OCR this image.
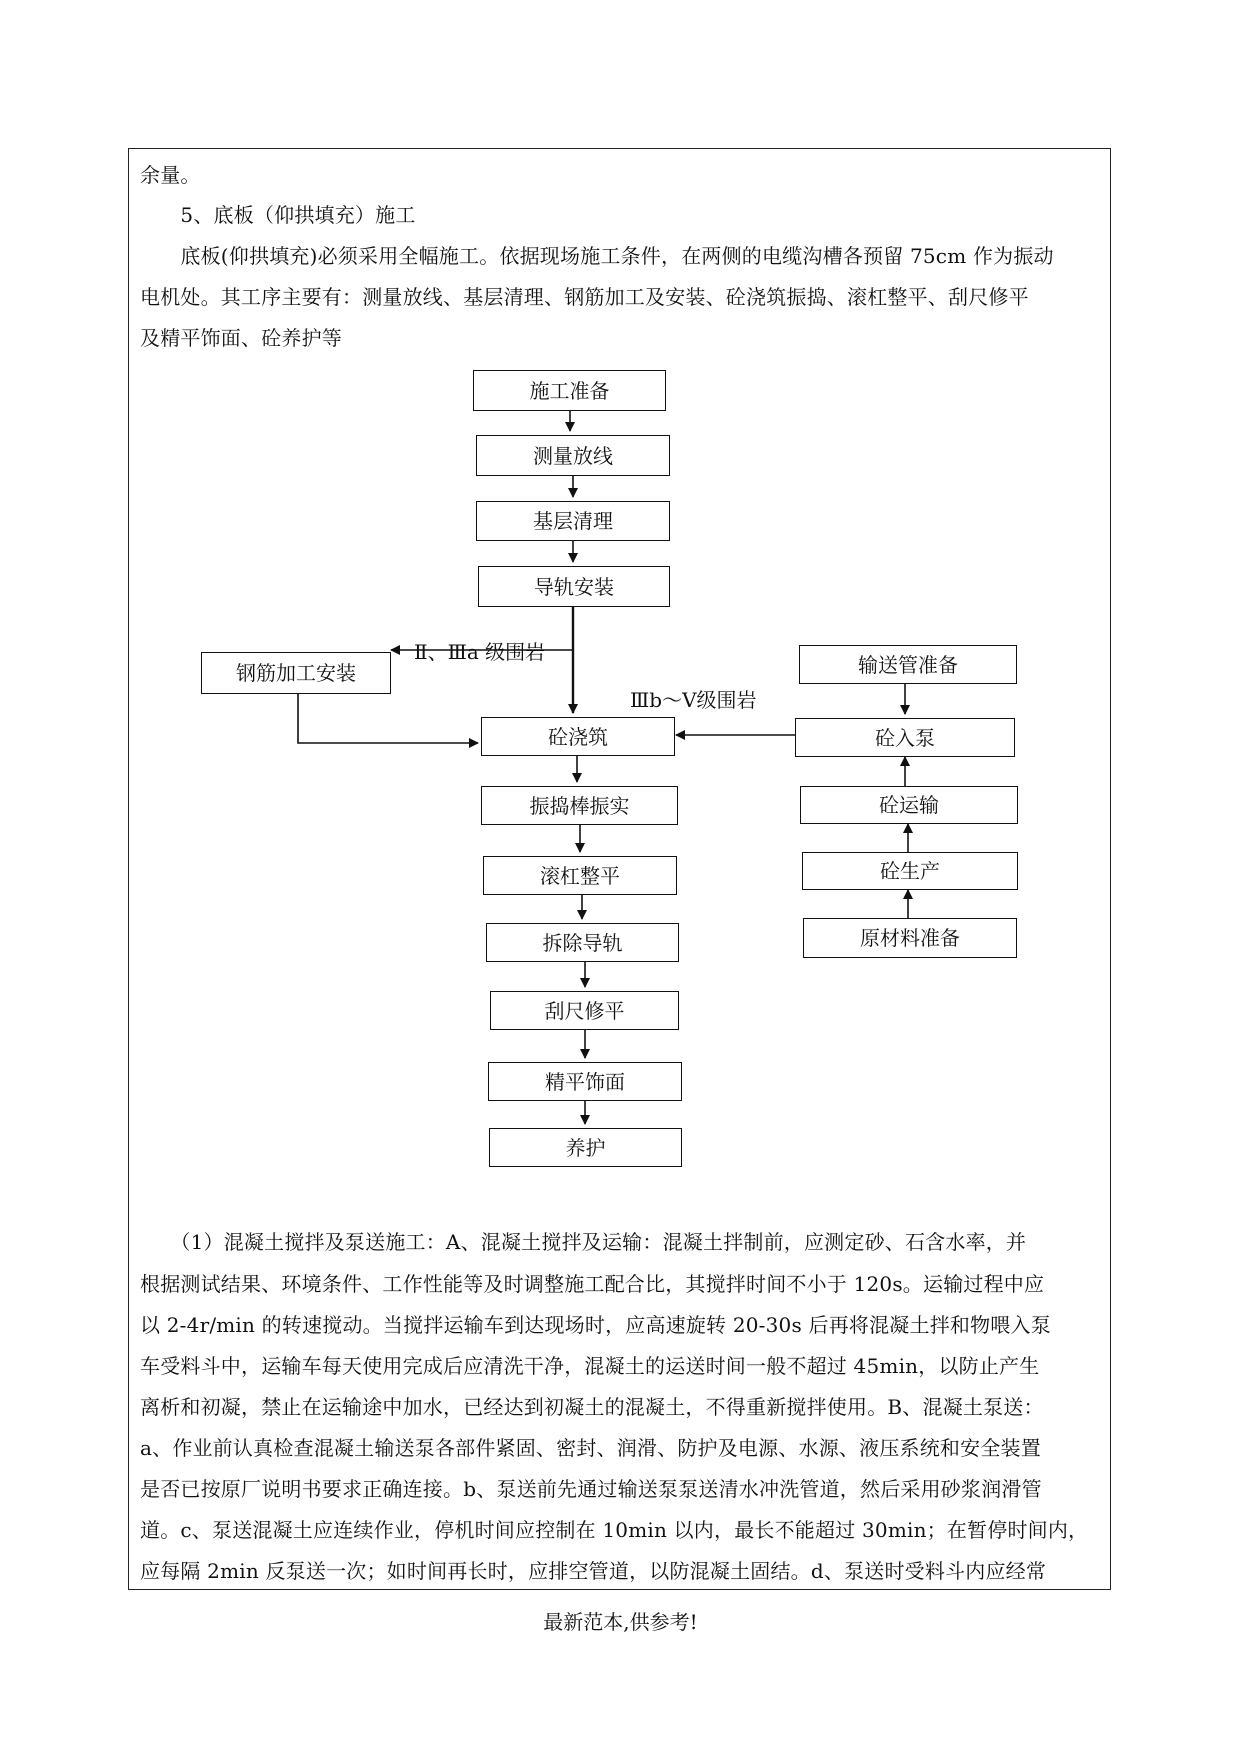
余量。
　　5、底板（仰拱填充）施工
　　底板(仰拱填充)必须采用全幅施工。依据现场施工条件，在两侧的电缆沟槽各预留 75cm 作为振动
电机处。其工序主要有：测量放线、基层清理、钢筋加工及安装、砼浇筑振捣、滚杠整平、刮尺修平
及精平饰面、砼养护等
施工准备
测量放线
基层清理
导轨安装
砼浇筑
振捣棒振实
滚杠整平
拆除导轨
刮尺修平
精平饰面
养护
钢筋加工安装	输送管准备
砼入泵
砼运输
砼生产
原材料准备
Ⅱ、Ⅲa 级围岩
Ⅲb～Ⅴ级围岩
　　（1）混凝土搅拌及泵送施工：A、混凝土搅拌及运输：混凝土拌制前，应测定砂、石含水率，并
根据测试结果、环境条件、工作性能等及时调整施工配合比，其搅拌时间不小于 120s。运输过程中应
以 2-4r/min 的转速搅动。当搅拌运输车到达现场时，应高速旋转 20-30s 后再将混凝土拌和物喂入泵
车受料斗中，运输车每天使用完成后应清洗干净，混凝土的运送时间一般不超过 45min，以防止产生
离析和初凝，禁止在运输途中加水，已经达到初凝土的混凝土，不得重新搅拌使用。B、混凝土泵送：
a、作业前认真检查混凝土输送泵各部件紧固、密封、润滑、防护及电源、水源、液压系统和安全装置
是否已按原厂说明书要求正确连接。b、泵送前先通过输送泵泵送清水冲洗管道，然后采用砂浆润滑管
道。c、泵送混凝土应连续作业，停机时间应控制在 10min 以内，最长不能超过 30min；在暂停时间内，
应每隔 2min 反泵送一次；如时间再长时，应排空管道，以防混凝土固结。d、泵送时受料斗内应经常
最新范本,供参考!
